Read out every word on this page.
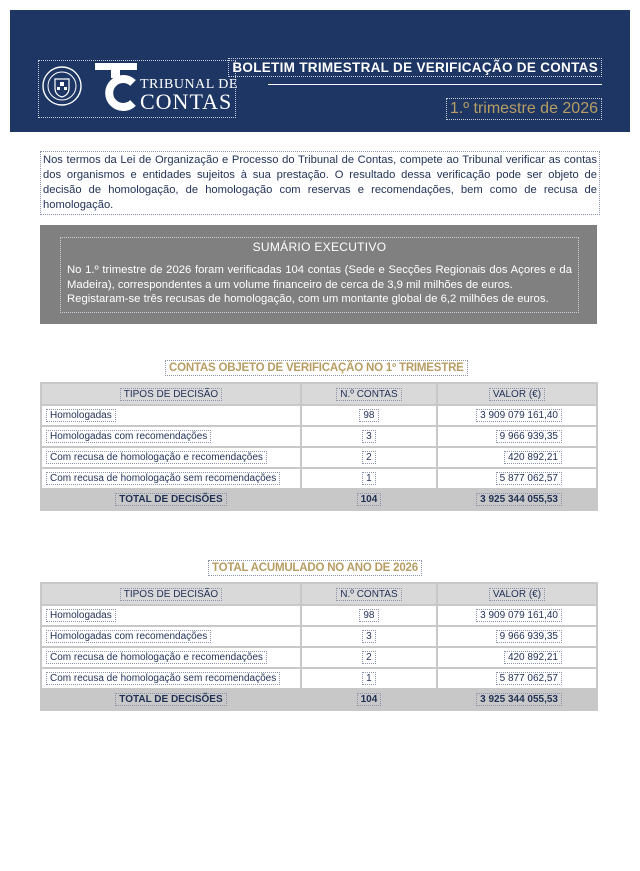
TRIBUNAL DE
CONTAS
BOLETIM TRIMESTRAL DE VERIFICAÇÃO DE CONTAS
1.º trimestre de 2026
Nos termos da Lei de Organização e Processo do Tribunal de Contas, compete ao Tribunal verificar as contas dos organismos e entidades sujeitos à sua prestação. O resultado dessa verificação pode ser objeto de decisão de homologação, de homologação com reservas e recomendações, bem como de recusa de homologação.
SUMÁRIO EXECUTIVO
No 1.º trimestre de 2026 foram verificadas 104 contas (Sede e Secções Regionais dos Açores e da Madeira), correspondentes a um volume financeiro de cerca de 3,9 mil milhões de euros.
Registaram-se três recusas de homologação, com um montante global de 6,2 milhões de euros.
CONTAS OBJETO DE VERIFICAÇÃO NO 1º TRIMESTRE
TIPOS DE DECISÃO	N.º CONTAS	VALOR (€)
Homologadas	98	3 909 079 161,40
Homologadas com recomendações	3	9 966 939,35
Com recusa de homologação e recomendações	2	420 892,21
Com recusa de homologação sem recomendações	1	5 877 062,57
TOTAL DE DECISÕES	104	3 925 344 055,53
TOTAL ACUMULADO NO ANO DE 2026
TIPOS DE DECISÃO	N.º CONTAS	VALOR (€)
Homologadas	98	3 909 079 161,40
Homologadas com recomendações	3	9 966 939,35
Com recusa de homologação e recomendações	2	420 892,21
Com recusa de homologação sem recomendações	1	5 877 062,57
TOTAL DE DECISÕES	104	3 925 344 055,53
